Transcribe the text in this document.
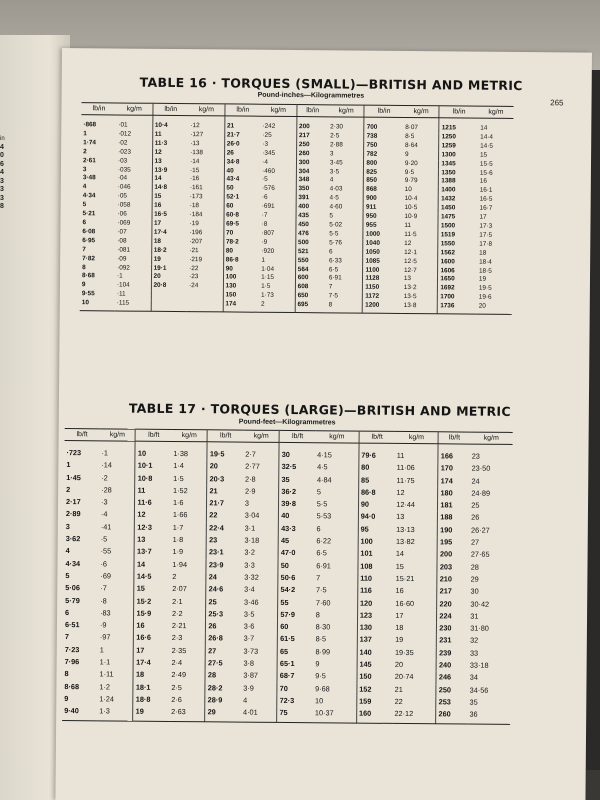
in
4
0
6
4
3
3
3
8
265
TABLE 16 · TORQUES (SMALL)—BRITISH AND METRIC
Pound-inches—Kilogrammetres
lb/in	kg/m	lb/in	kg/m	lb/in	kg/m	lb/in	kg/m	lb/in	kg/m	lb/in	kg/m
·868	·01	10·4	·12	21	·242	200	2·30	700	8·07	1215	14
1	·012	11	·127	21·7	·25	217	2·5	738	8·5	1250	14·4
1·74	·02	11·3	·13	26·0	·3	250	2·88	750	8·64	1259	14·5
2	·023	12	·138	26	·345	260	3	782	9	1300	15
2·61	·03	13	·14	34·8	·4	300	3·45	800	9·20	1345	15·5
3	·035	13·9	·15	40	·460	304	3·5	825	9·5	1350	15·6
3·48	·04	14	·16	43·4	·5	348	4	850	9·79	1388	16
4	·046	14·8	·161	50	·576	350	4·03	868	10	1400	16·1
4·34	·05	15	·173	52·1	·6	391	4·5	900	10·4	1432	16·5
5	·058	16	·18	60	·691	400	4·60	911	10·5	1450	16·7
5·21	·06	16·5	·184	60·8	·7	435	5	950	10·9	1475	17
6	·069	17	·19	69·5	·8	450	5·02	955	11	1500	17·3
6·08	·07	17·4	·196	70	·807	476	5·5	1000	11·5	1519	17·5
6·95	·08	18	·207	78·2	·9	500	5·76	1040	12	1550	17·8
7	·081	18·2	·21	80	·920	521	6	1050	12·1	1562	18
7·82	·09	19	·219	86·8	1	550	6·33	1085	12·5	1600	18·4
8	·092	19·1	·22	90	1·04	564	6·5	1100	12·7	1606	18·5
8·68	·1	20	·23	100	1·15	600	6·91	1128	13	1650	19
9	·104	20·8	·24	130	1·5	608	7	1150	13·2	1692	19·5
9·55	·11			150	1·73	650	7·5	1172	13·5	1700	19·6
10	·115			174	2	695	8	1200	13·8	1736	20
TABLE 17 · TORQUES (LARGE)—BRITISH AND METRIC
Pound-feet—Kilogrammetres
lb/ft	kg/m	lb/ft	kg/m	lb/ft	kg/m	lb/ft	kg/m	lb/ft	kg/m	lb/ft	kg/m
·723	·1	10	1·38	19·5	2·7	30	4·15	79·6	11	166	23
1	·14	10·1	1·4	20	2·77	32·5	4·5	80	11·06	170	23·50
1·45	·2	10·8	1·5	20·3	2·8	35	4·84	85	11·75	174	24
2	·28	11	1·52	21	2·9	36·2	5	86·8	12	180	24·89
2·17	·3	11·6	1·6	21·7	3	39·8	5·5	90	12·44	181	25
2·89	·4	12	1·66	22	3·04	40	5·53	94·0	13	188	26
3	·41	12·3	1·7	22·4	3·1	43·3	6	95	13·13	190	26·27
3·62	·5	13	1·8	23	3·18	45	6·22	100	13·82	195	27
4	·55	13·7	1·9	23·1	3·2	47·0	6·5	101	14	200	27·65
4·34	·6	14	1·94	23·9	3·3	50	6·91	108	15	203	28
5	·69	14·5	2	24	3·32	50·6	7	110	15·21	210	29
5·06	·7	15	2·07	24·6	3·4	54·2	7·5	116	16	217	30
5·79	·8	15·2	2·1	25	3·46	55	7·60	120	16·60	220	30·42
6	·83	15·9	2·2	25·3	3·5	57·9	8	123	17	224	31
6·51	·9	16	2·21	26	3·6	60	8·30	130	18	230	31·80
7	·97	16·6	2·3	26·8	3·7	61·5	8·5	137	19	231	32
7·23	1	17	2·35	27	3·73	65	8·99	140	19·35	239	33
7·96	1·1	17·4	2·4	27·5	3·8	65·1	9	145	20	240	33·18
8	1·11	18	2·49	28	3·87	68·7	9·5	150	20·74	246	34
8·68	1·2	18·1	2·5	28·2	3·9	70	9·68	152	21	250	34·56
9	1·24	18·8	2·6	28·9	4	72·3	10	159	22	253	35
9·40	1·3	19	2·63	29	4·01	75	10·37	160	22·12	260	36
